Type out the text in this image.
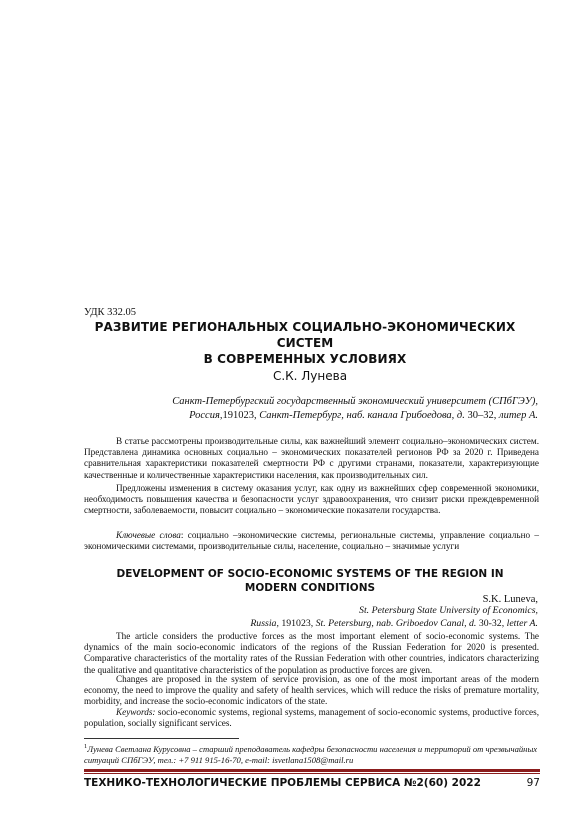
УДК 332.05
РАЗВИТИЕ РЕГИОНАЛЬНЫХ СОЦИАЛЬНО-ЭКОНОМИЧЕСКИХ СИСТЕМ
В СОВРЕМЕННЫХ УСЛОВИЯХ
С.К. Лунева
Санкт-Петербургский государственный экономический университет (СПбГЭУ),
Россия,191023, Санкт-Петербург, наб. канала Грибоедова, д. 30–32, литер А.
В статье рассмотрены производительные силы, как важнейший элемент социально–экономических систем. Представлена динамика основных социально – экономических показателей регионов РФ за 2020 г. Приведена сравнительная характеристики показателей смертности РФ с другими странами, показатели, характеризующие качественные и количественные характеристики населения, как производительных сил.
Предложены изменения в систему оказания услуг, как одну из важнейших сфер современной экономики, необходимость повышения качества и безопасности услуг здравоохранения, что снизит риски преждевременной смертности, заболеваемости, повысит социально – экономические показатели государства.
Ключевые слова: социально –экономические системы, региональные системы, управление социально –экономическими системами, производительные силы, население, социально – значимые услуги
DEVELOPMENT OF SOCIO-ECONOMIC SYSTEMS OF THE REGION IN MODERN CONDITIONS
S.K. Luneva,
St. Petersburg State University of Economics,
Russia, 191023, St. Petersburg, nab. Griboedov Canal, d. 30-32, letter A.
The article considers the productive forces as the most important element of socio-economic systems. The dynamics of the main socio-economic indicators of the regions of the Russian Federation for 2020 is presented. Comparative characteristics of the mortality rates of the Russian Federation with other countries, indicators characterizing the qualitative and quantitative characteristics of the population as productive forces are given.
Changes are proposed in the system of service provision, as one of the most important areas of the modern economy, the need to improve the quality and safety of health services, which will reduce the risks of premature mortality, morbidity, and increase the socio-economic indicators of the state.
Keywords: socio-economic systems, regional systems, management of socio-economic systems, productive forces, population, socially significant services.
$^1$Лунева Светлана Курусовна – старший преподаватель кафедры безопасности населения и территорий от чрезвычайных ситуаций СПбГЭУ, тел.: +7 911 915-16-70, e-mail: isvetlana1508@mail.ru
ТЕХНИКО-ТЕХНОЛОГИЧЕСКИЕ ПРОБЛЕМЫ СЕРВИСА №2(60) 2022	97
